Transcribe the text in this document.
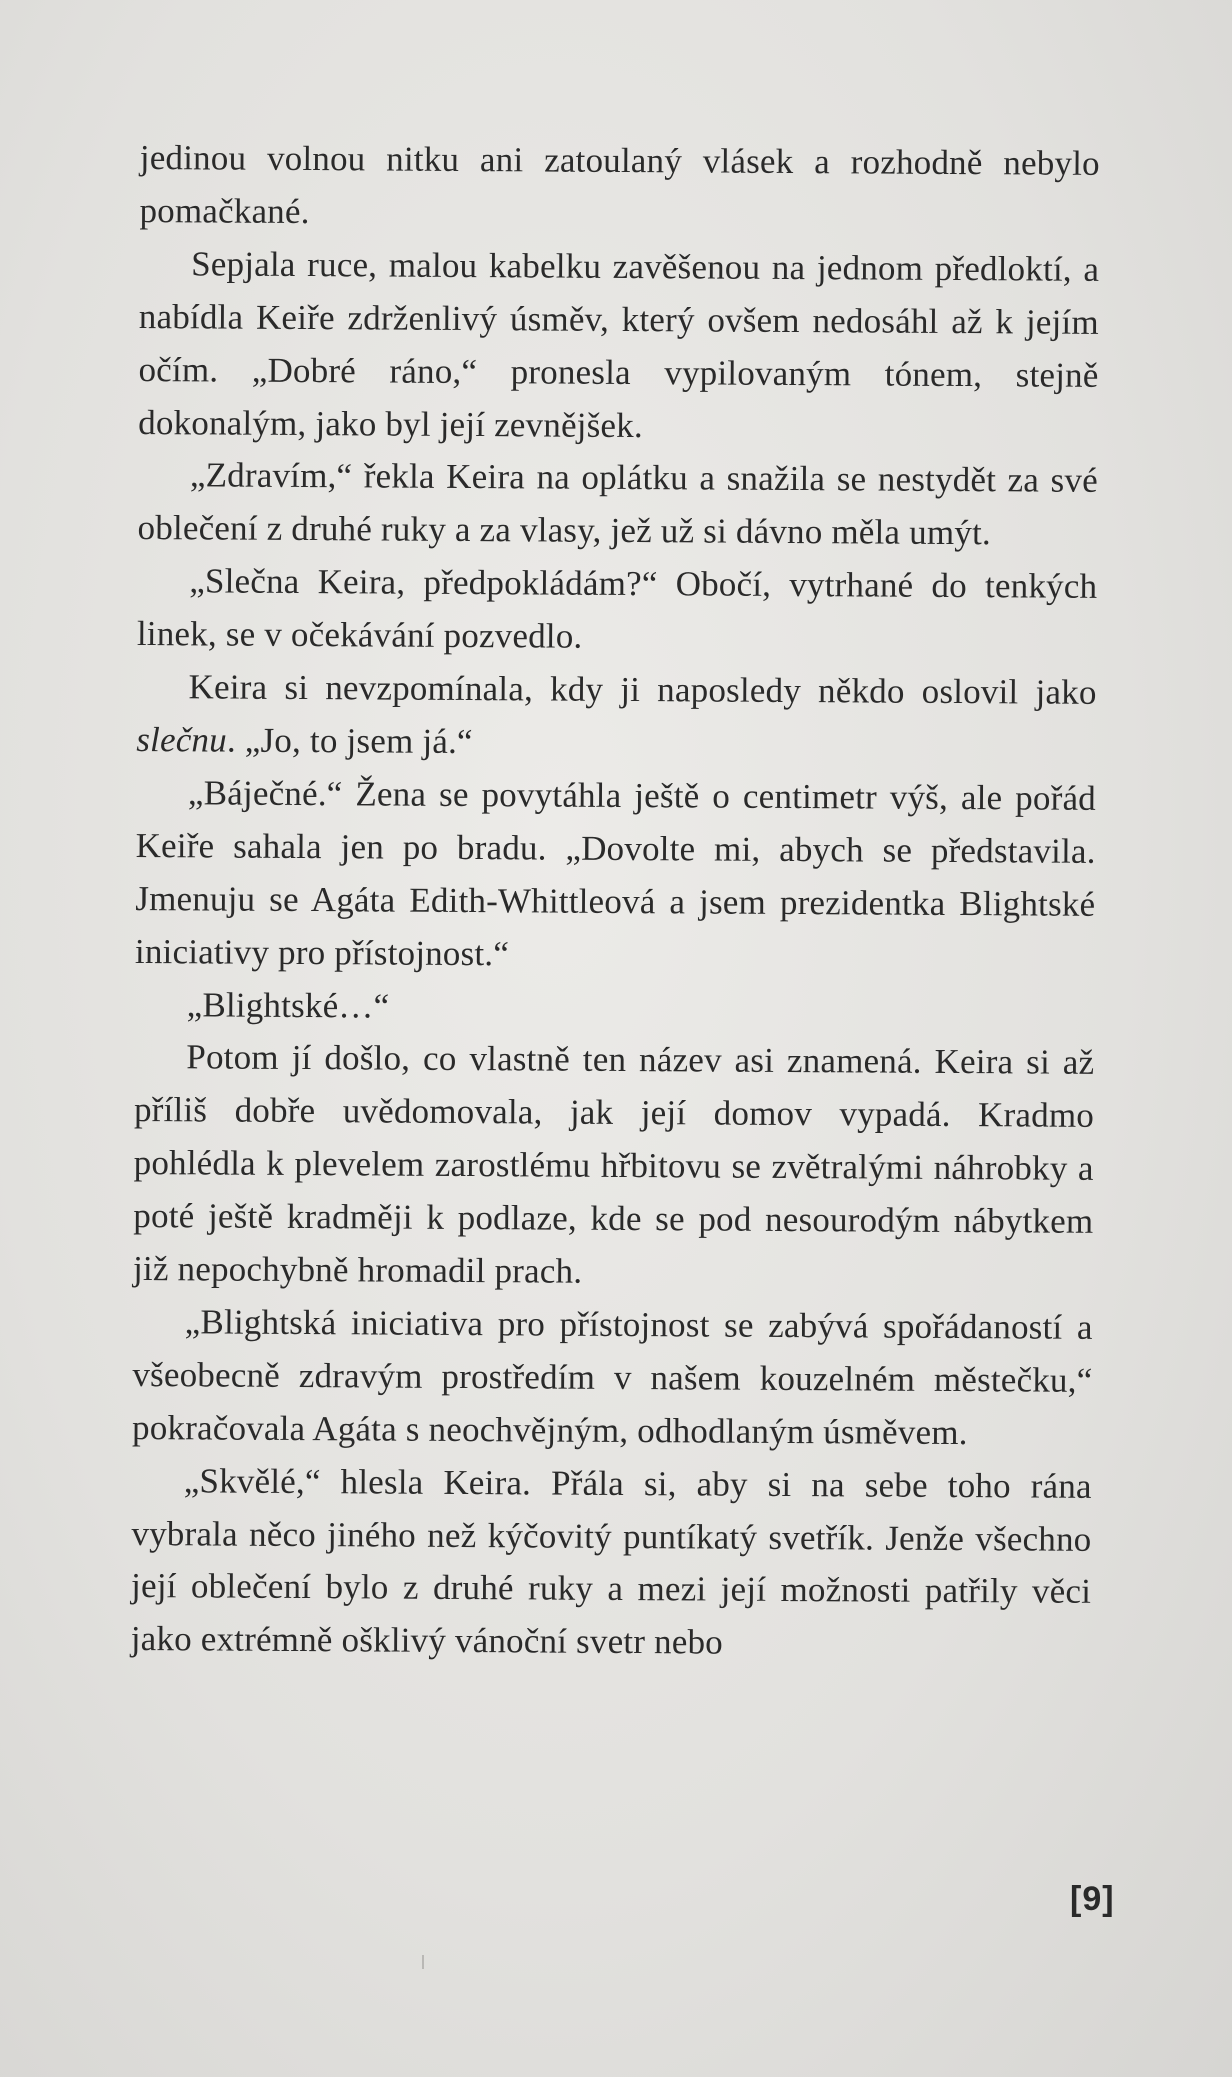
jedinou volnou nitku ani zatoulaný vlásek a rozhodně nebylo pomačkané.

Sepjala ruce, malou kabelku zavěšenou na jednom předloktí, a nabídla Keiře zdrženlivý úsměv, který ovšem nedosáhl až k jejím očím. „Dobré ráno,“ pronesla vypilovaným tónem, stejně dokonalým, jako byl její zevnějšek.

„Zdravím,“ řekla Keira na oplátku a snažila se nestydět za své oblečení z druhé ruky a za vlasy, jež už si dávno měla umýt.

„Slečna Keira, předpokládám?“ Obočí, vytrhané do tenkých linek, se v očekávání pozvedlo.

Keira si nevzpomínala, kdy ji naposledy někdo oslovil jako slečnu. „Jo, to jsem já.“

„Báječné.“ Žena se povytáhla ještě o centimetr výš, ale pořád Keiře sahala jen po bradu. „Dovolte mi, abych se představila. Jmenuju se Agáta Edith-Whittleová a jsem prezidentka Blightské iniciativy pro přístojnost.“

„Blightské…“

Potom jí došlo, co vlastně ten název asi znamená. Keira si až příliš dobře uvědomovala, jak její domov vypadá. Kradmo pohlédla k plevelem zarostlému hřbitovu se zvětralými náhrobky a poté ještě kradměji k podlaze, kde se pod nesourodým nábytkem již nepochybně hromadil prach.

„Blightská iniciativa pro přístojnost se zabývá spořádaností a všeobecně zdravým prostředím v našem kouzelném městečku,“ pokračovala Agáta s neochvějným, odhodlaným úsměvem.

„Skvělé,“ hlesla Keira. Přála si, aby si na sebe toho rána vybrala něco jiného než kýčovitý puntíkatý svetřík. Jenže všechno její oblečení bylo z druhé ruky a mezi její možnosti patřily věci jako extrémně ošklivý vánoční svetr nebo

[9]
